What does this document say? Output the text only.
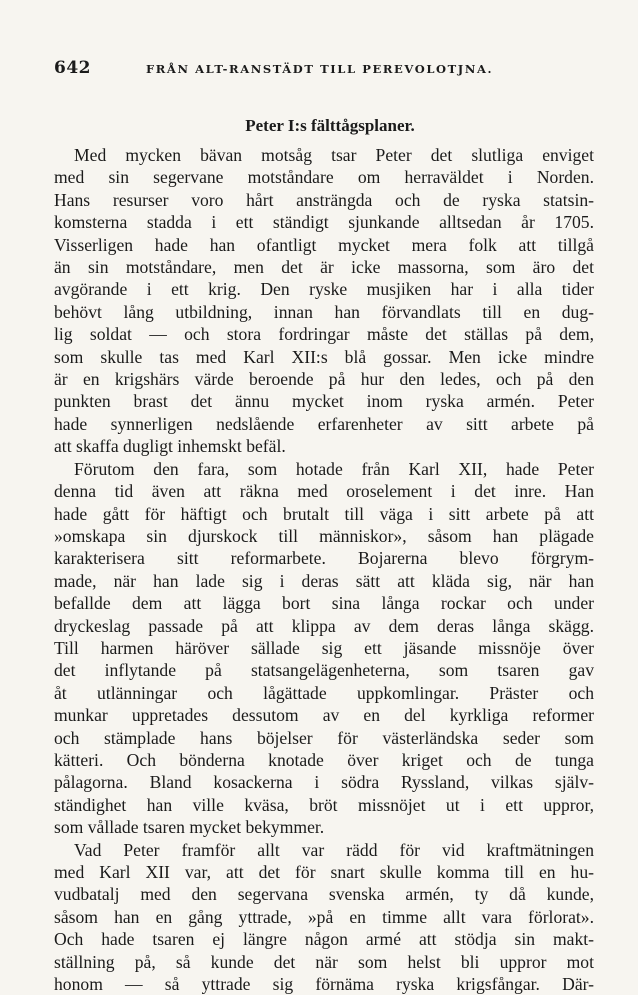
642	FRÅN ALT-RANSTÄDT TILL PEREVOLOTJNA.
Peter I:s fälttågsplaner.
Med mycken bävan motsåg tsar Peter det slutliga enviget
med sin segervane motståndare om herraväldet i Norden.
Hans resurser voro hårt ansträngda och de ryska statsin-
komsterna stadda i ett ständigt sjunkande alltsedan år 1705.
Visserligen hade han ofantligt mycket mera folk att tillgå
än sin motståndare, men det är icke massorna, som äro det
avgörande i ett krig. Den ryske musjiken har i alla tider
behövt lång utbildning, innan han förvandlats till en dug-
lig soldat — och stora fordringar måste det ställas på dem,
som skulle tas med Karl XII:s blå gossar. Men icke mindre
är en krigshärs värde beroende på hur den ledes, och på den
punkten brast det ännu mycket inom ryska armén. Peter
hade synnerligen nedslående erfarenheter av sitt arbete på
att skaffa dugligt inhemskt befäl.
Förutom den fara, som hotade från Karl XII, hade Peter
denna tid även att räkna med oroselement i det inre. Han
hade gått för häftigt och brutalt till väga i sitt arbete på att
»omskapa sin djurskock till människor», såsom han plägade
karakterisera sitt reformarbete. Bojarerna blevo förgrym-
made, när han lade sig i deras sätt att kläda sig, när han
befallde dem att lägga bort sina långa rockar och under
dryckeslag passade på att klippa av dem deras långa skägg.
Till harmen häröver sällade sig ett jäsande missnöje över
det inflytande på statsangelägenheterna, som tsaren gav
åt utlänningar och lågättade uppkomlingar. Präster och
munkar uppretades dessutom av en del kyrkliga reformer
och stämplade hans böjelser för västerländska seder som
kätteri. Och bönderna knotade över kriget och de tunga
pålagorna. Bland kosackerna i södra Ryssland, vilkas själv-
ständighet han ville kväsa, bröt missnöjet ut i ett uppror,
som vållade tsaren mycket bekymmer.
Vad Peter framför allt var rädd för vid kraftmätningen
med Karl XII var, att det för snart skulle komma till en hu-
vudbatalj med den segervana svenska armén, ty då kunde,
såsom han en gång yttrade, »på en timme allt vara förlorat».
Och hade tsaren ej längre någon armé att stödja sin makt-
ställning på, så kunde det när som helst bli uppror mot
honom — så yttrade sig förnäma ryska krigsfångar. Där-
